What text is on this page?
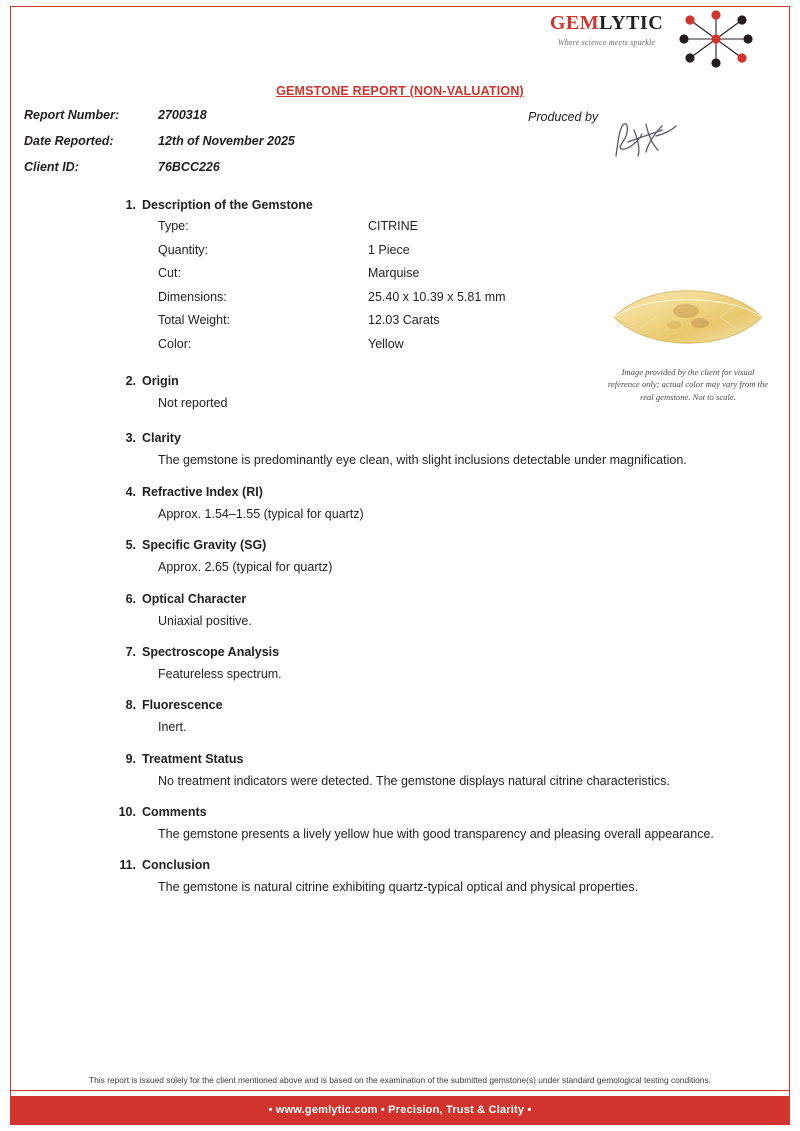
GEMLYTIC
Where science meets sparkle
GEMSTONE REPORT (NON-VALUATION)
Report Number:	2700318
Date Reported:	12th of November 2025
Client ID:	76BCC226
Produced by
1. Description of the Gemstone
Type:	CITRINE
Quantity:	1 Piece
Cut:	Marquise
Dimensions:	25.40 x 10.39 x 5.81 mm
Total Weight:	12.03 Carats
Color:	Yellow
2. Origin
Not reported
3. Clarity
The gemstone is predominantly eye clean, with slight inclusions detectable under magnification.
4. Refractive Index (RI)
Approx. 1.54–1.55 (typical for quartz)
5. Specific Gravity (SG)
Approx. 2.65 (typical for quartz)
6. Optical Character
Uniaxial positive.
7. Spectroscope Analysis
Featureless spectrum.
8. Fluorescence
Inert.
9. Treatment Status
No treatment indicators were detected. The gemstone displays natural citrine characteristics.
10. Comments
The gemstone presents a lively yellow hue with good transparency and pleasing overall appearance.
11. Conclusion
The gemstone is natural citrine exhibiting quartz-typical optical and physical properties.
Image provided by the client for visual reference only; actual color may vary from the real gemstone. Not to scale.
This report is issued solely for the client mentioned above and is based on the examination of the submitted gemstone(s) under standard gemological testing conditions.
• www.gemlytic.com • Precision, Trust & Clarity •
